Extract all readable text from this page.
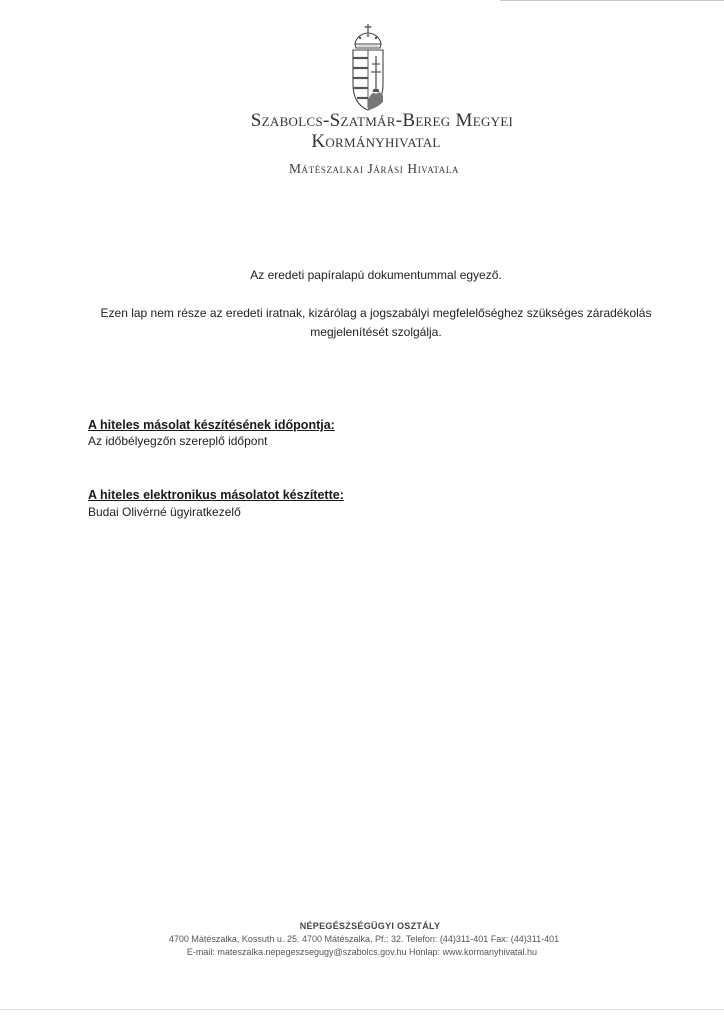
Szabolcs-Szatmár-Bereg Megyei
Kormányhivatal
Mátészalkai Járási Hivatala
Az eredeti papíralapú dokumentummal egyező.
Ezen lap nem része az eredeti iratnak, kizárólag a jogszabályi megfelelőséghez szükséges záradékolás
megjelenítését szolgálja.
A hiteles másolat készítésének időpontja:
Az időbélyegzőn szereplő időpont
A hiteles elektronikus másolatot készítette:
Budai Olivérné ügyiratkezelő
NÉPEGÉSZSÉGÜGYI OSZTÁLY
4700 Mátészalka, Kossuth u. 25. 4700 Mátészalka, Pf.: 32. Telefon: (44)311-401 Fax: (44)311-401
E-mail: mateszalka.nepegeszsegugy@szabolcs.gov.hu Honlap: www.kormanyhivatal.hu
